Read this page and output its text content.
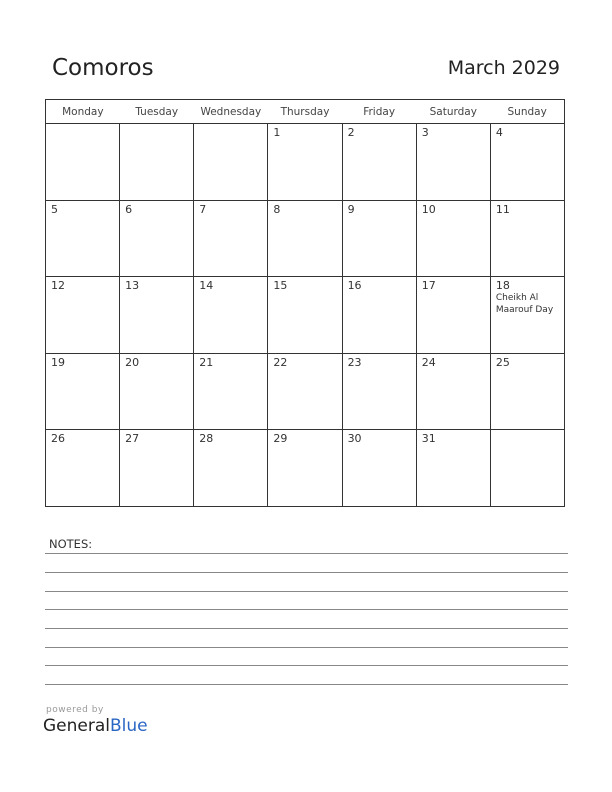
Comoros	March 2029
Monday	Tuesday	Wednesday	Thursday	Friday	Saturday	Sunday

			1	2	3	4

5	6	7	8	9	10	11

12	13	14	15	16	17	18
Cheikh Al Maarouf Day

19	20	21	22	23	24	25

26	27	28	29	30	31	

NOTES:
powered by
GeneralBlue
